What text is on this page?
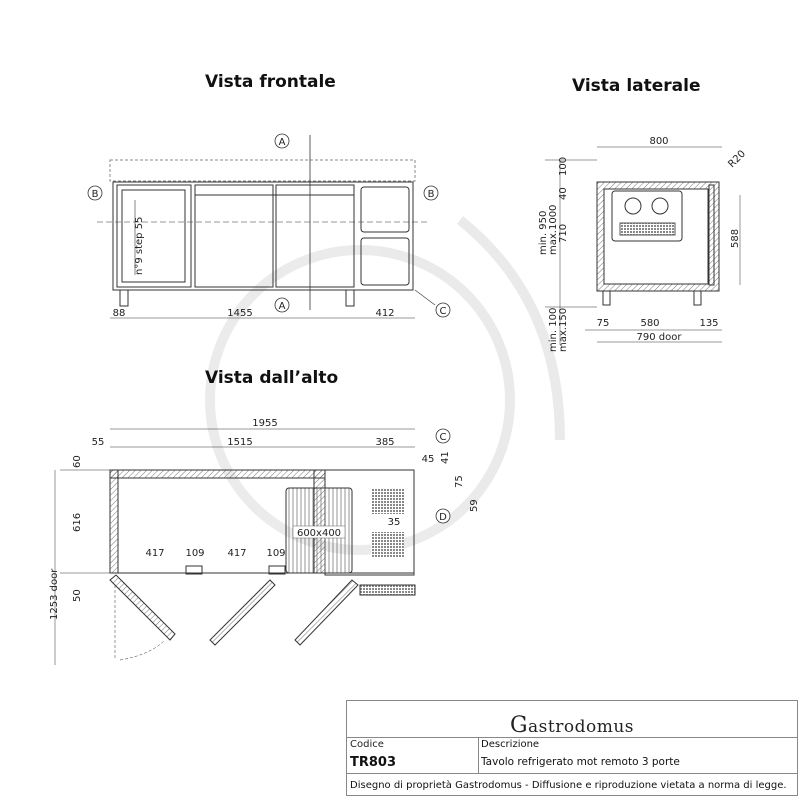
Vista frontale	Vista laterale
Vista dall’alto
A
A
B	B
C
n°9 step 55
88	1455	412
800
R20
100
40
710
min. 950 max.1000
min. 100 max.150
588
75	580	135
790 door
C
D
600x400
1955
55	1515	385
60
616
50
1253 door
417 109 417 109
45 41
75
59
35
Gastrodomus
Codice
TR803
Descrizione
Tavolo refrigerato mot remoto 3 porte
Disegno di proprietà Gastrodomus - Diffusione e riproduzione vietata a norma di legge.
